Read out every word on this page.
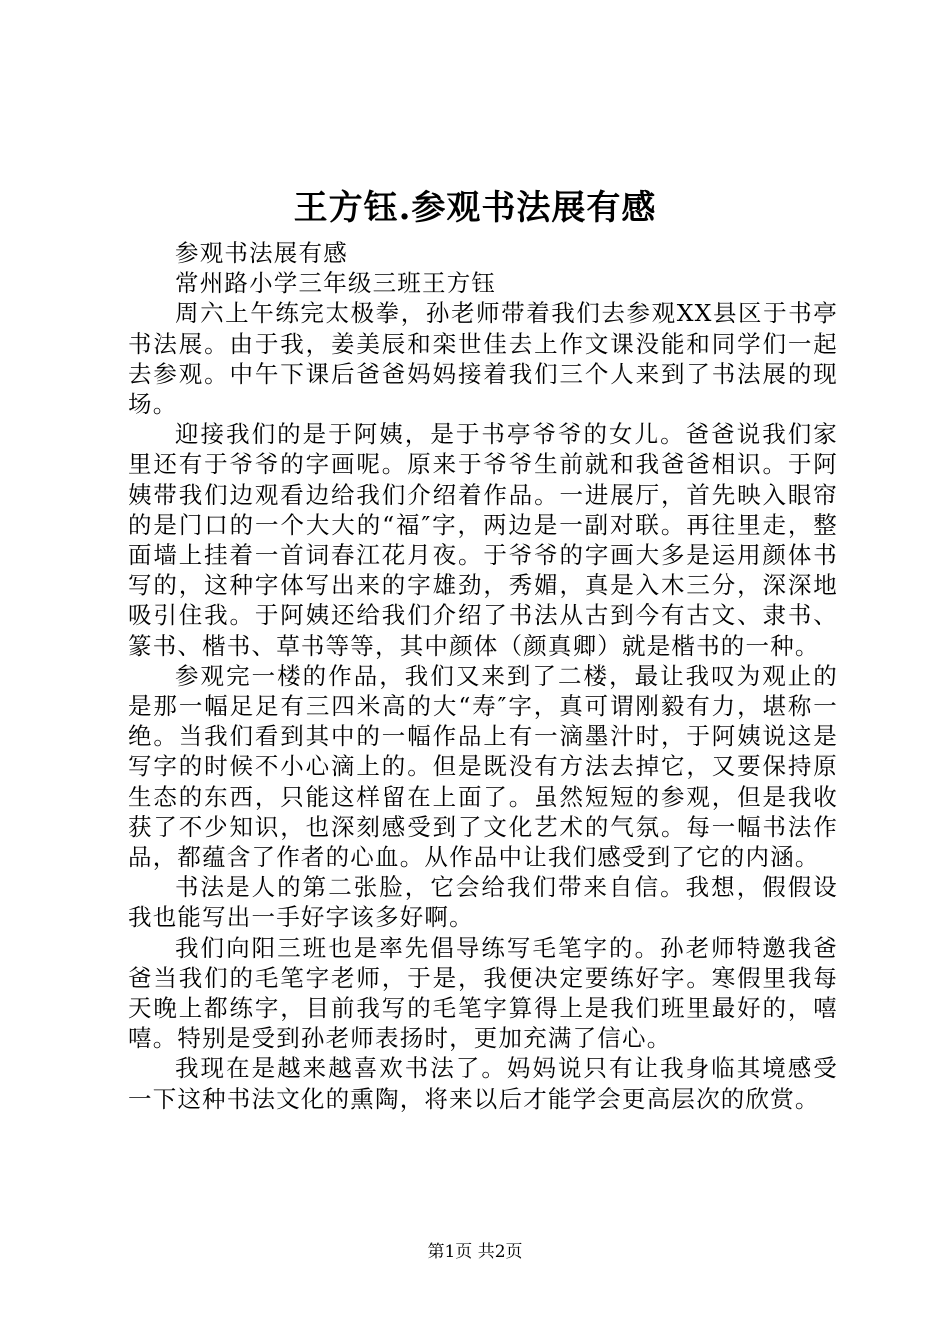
王方钰.参观书法展有感

参观书法展有感

常州路小学三年级三班王方钰

周六上午练完太极拳，孙老师带着我们去参观XX县区于书亭书法展。由于我，姜美辰和栾世佳去上作文课没能和同学们一起去参观。中午下课后爸爸妈妈接着我们三个人来到了书法展的现场。

迎接我们的是于阿姨，是于书亭爷爷的女儿。爸爸说我们家里还有于爷爷的字画呢。原来于爷爷生前就和我爸爸相识。于阿姨带我们边观看边给我们介绍着作品。一进展厅，首先映入眼帘的是门口的一个大大的“福″字，两边是一副对联。再往里走，整面墙上挂着一首词春江花月夜。于爷爷的字画大多是运用颜体书写的，这种字体写出来的字雄劲，秀媚，真是入木三分，深深地吸引住我。于阿姨还给我们介绍了书法从古到今有古文、隶书、篆书、楷书、草书等等，其中颜体（颜真卿）就是楷书的一种。

参观完一楼的作品，我们又来到了二楼，最让我叹为观止的是那一幅足足有三四米高的大“寿″字，真可谓刚毅有力，堪称一绝。当我们看到其中的一幅作品上有一滴墨汁时，于阿姨说这是写字的时候不小心滴上的。但是既没有方法去掉它，又要保持原生态的东西，只能这样留在上面了。虽然短短的参观，但是我收获了不少知识，也深刻感受到了文化艺术的气氛。每一幅书法作品，都蕴含了作者的心血。从作品中让我们感受到了它的内涵。

书法是人的第二张脸，它会给我们带来自信。我想，假假设我也能写出一手好字该多好啊。

我们向阳三班也是率先倡导练写毛笔字的。孙老师特邀我爸爸当我们的毛笔字老师，于是，我便决定要练好字。寒假里我每天晚上都练字，目前我写的毛笔字算得上是我们班里最好的，嘻嘻。特别是受到孙老师表扬时，更加充满了信心。

我现在是越来越喜欢书法了。妈妈说只有让我身临其境感受一下这种书法文化的熏陶，将来以后才能学会更高层次的欣赏。

第1页 共2页
